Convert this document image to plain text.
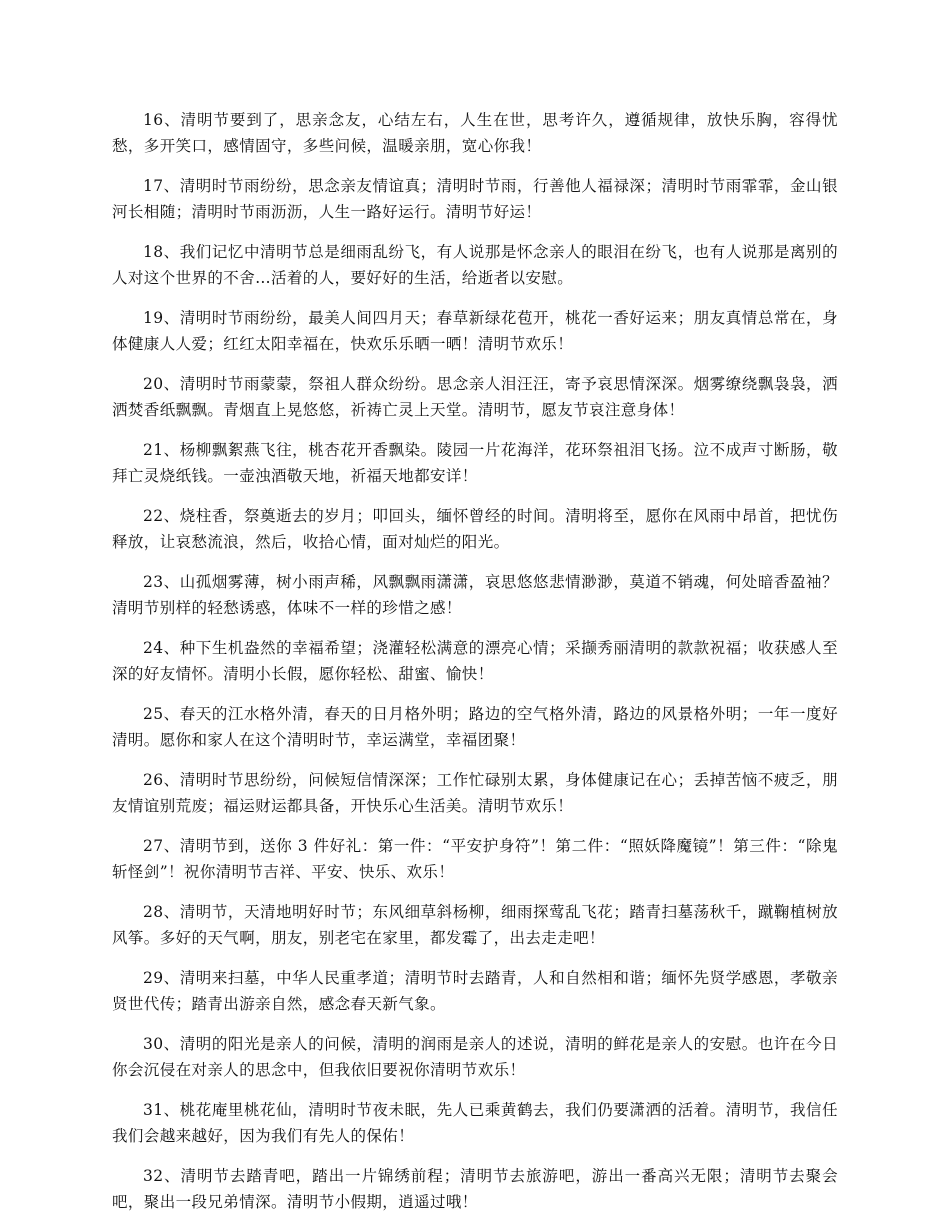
16、清明节要到了，思亲念友，心结左右，人生在世，思考许久，遵循规律，放快乐胸，容得忧愁，多开笑口，感情固守，多些问候，温暖亲朋，宽心你我！

17、清明时节雨纷纷，思念亲友情谊真；清明时节雨，行善他人福禄深；清明时节雨霏霏，金山银河长相随；清明时节雨沥沥，人生一路好运行。清明节好运！

18、我们记忆中清明节总是细雨乱纷飞，有人说那是怀念亲人的眼泪在纷飞，也有人说那是离别的人对这个世界的不舍…活着的人，要好好的生活，给逝者以安慰。

19、清明时节雨纷纷，最美人间四月天；春草新绿花苞开，桃花一香好运来；朋友真情总常在，身体健康人人爱；红红太阳幸福在，快欢乐乐晒一晒！清明节欢乐！

20、清明时节雨蒙蒙，祭祖人群众纷纷。思念亲人泪汪汪，寄予哀思情深深。烟雾缭绕飘袅袅，洒洒焚香纸飘飘。青烟直上晃悠悠，祈祷亡灵上天堂。清明节，愿友节哀注意身体！

21、杨柳飘絮燕飞往，桃杏花开香飘染。陵园一片花海洋，花环祭祖泪飞扬。泣不成声寸断肠，敬拜亡灵烧纸钱。一壶浊酒敬天地，祈福天地都安详！

22、烧柱香，祭奠逝去的岁月；叩回头，缅怀曾经的时间。清明将至，愿你在风雨中昂首，把忧伤释放，让哀愁流浪，然后，收拾心情，面对灿烂的阳光。

23、山孤烟雾薄，树小雨声稀，风飘飘雨潇潇，哀思悠悠悲情渺渺，莫道不销魂，何处暗香盈袖？清明节别样的轻愁诱惑，体味不一样的珍惜之感！

24、种下生机盎然的幸福希望；浇灌轻松满意的漂亮心情；采撷秀丽清明的款款祝福；收获感人至深的好友情怀。清明小长假，愿你轻松、甜蜜、愉快！

25、春天的江水格外清，春天的日月格外明；路边的空气格外清，路边的风景格外明；一年一度好清明。愿你和家人在这个清明时节，幸运满堂，幸福团聚！

26、清明时节思纷纷，问候短信情深深；工作忙碌别太累，身体健康记在心；丢掉苦恼不疲乏，朋友情谊别荒废；福运财运都具备，开快乐心生活美。清明节欢乐！

27、清明节到，送你 3 件好礼：第一件：“平安护身符”！第二件：“照妖降魔镜”！第三件：“除鬼斩怪剑”！祝你清明节吉祥、平安、快乐、欢乐！

28、清明节，天清地明好时节；东风细草斜杨柳，细雨探莺乱飞花；踏青扫墓荡秋千，蹴鞠植树放风筝。多好的天气啊，朋友，别老宅在家里，都发霉了，出去走走吧！

29、清明来扫墓，中华人民重孝道；清明节时去踏青，人和自然相和谐；缅怀先贤学感恩，孝敬亲贤世代传；踏青出游亲自然，感念春天新气象。

30、清明的阳光是亲人的问候，清明的润雨是亲人的述说，清明的鲜花是亲人的安慰。也许在今日你会沉侵在对亲人的思念中，但我依旧要祝你清明节欢乐！

31、桃花庵里桃花仙，清明时节夜未眠，先人已乘黄鹤去，我们仍要潇洒的活着。清明节，我信任我们会越来越好，因为我们有先人的保佑！

32、清明节去踏青吧，踏出一片锦绣前程；清明节去旅游吧，游出一番高兴无限；清明节去聚会吧，聚出一段兄弟情深。清明节小假期，逍遥过哦！
